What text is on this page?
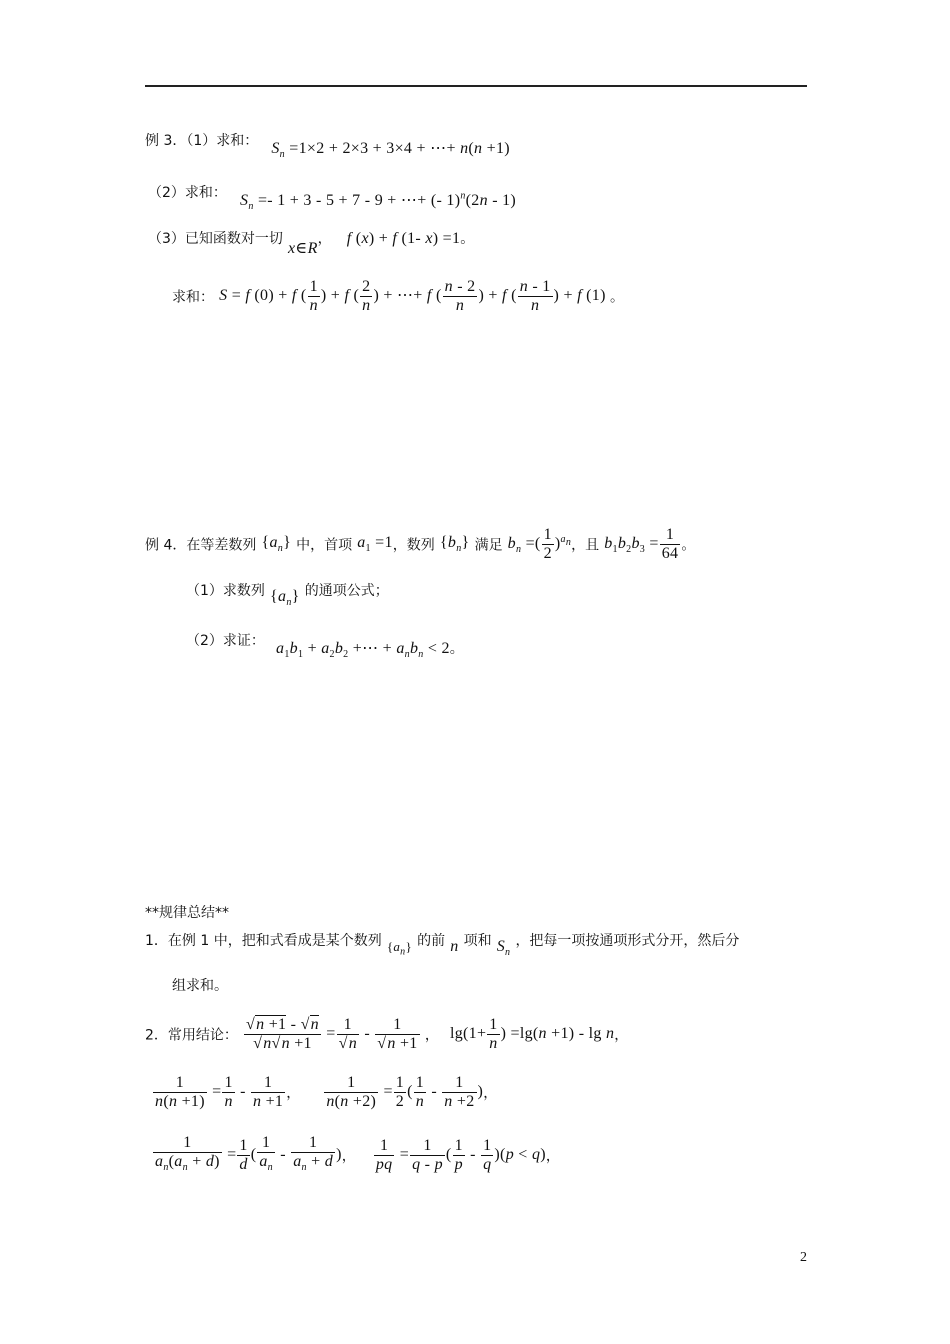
例 3．（1）求和： $S_n =1\times 2 + 2\times 3 + 3\times 4$ + ⋯+ n(n +1)
（2）求和： $S_n =- 1 + 3 - 5 + 7 - 9$ + ⋯+ (- 1)$^n$(2n - 1)
（3）已知函数对一切 x∈R， f (x) + f (1- x) =1。
求和： S = f (0) + f ( $\frac{1}{n}$ ) + f ( $\frac{2}{n}$ ) + ⋯+ f ( $\frac{n - 2}{n}$ ) + f ( $\frac{n - 1}{n}$ ) + f (1) 。
例 4．在等差数列 $\{a_n\}$ 中，首项 $a_1 =1$，数列 $\{b_n\}$ 满足 $b_n$ =( $\frac{1}{2} )^{a_n}$，且 $b_1b_2b_3 = \frac{1}{64}$ 。
（1）求数列 $\{a_n\}$ 的通项公式；
（2）求证： $a_1b_1 + a_2b_2$ +⋯ + $a_nb_n < 2$。
**规律总结**
1．在例 1 中，把和式看成是某个数列 $_{\{a_n\}}$ 的前 n 项和 $S_n$ ，把每一项按通项形式分开，然后分
组求和。
2．常用结论： $\frac{√n +1 - √n}{√n√n +1} = \frac{1}{√n} - \frac{1}{√n +1}$ ， $\lg(1+ \frac{1}{n}$ ) =lg(n +1) - lg n，
$\frac{1}{n(n +1)} = \frac{1}{n} - \frac{1}{n +1}$ ， $\frac{1}{n(n +2)} = \frac{1}{2}$ ( $\frac{1}{n} - \frac{1}{n +2}$ )，
$\frac{1}{a_n(a_n + d)} = \frac{1}{d}$ ( $\frac{1}{a_n} - \frac{1}{a_n + d}$ )， $\frac{1}{pq} = \frac{1}{q - p}$ ( $\frac{1}{p} - \frac{1}{q} )(p < q)$，
2
